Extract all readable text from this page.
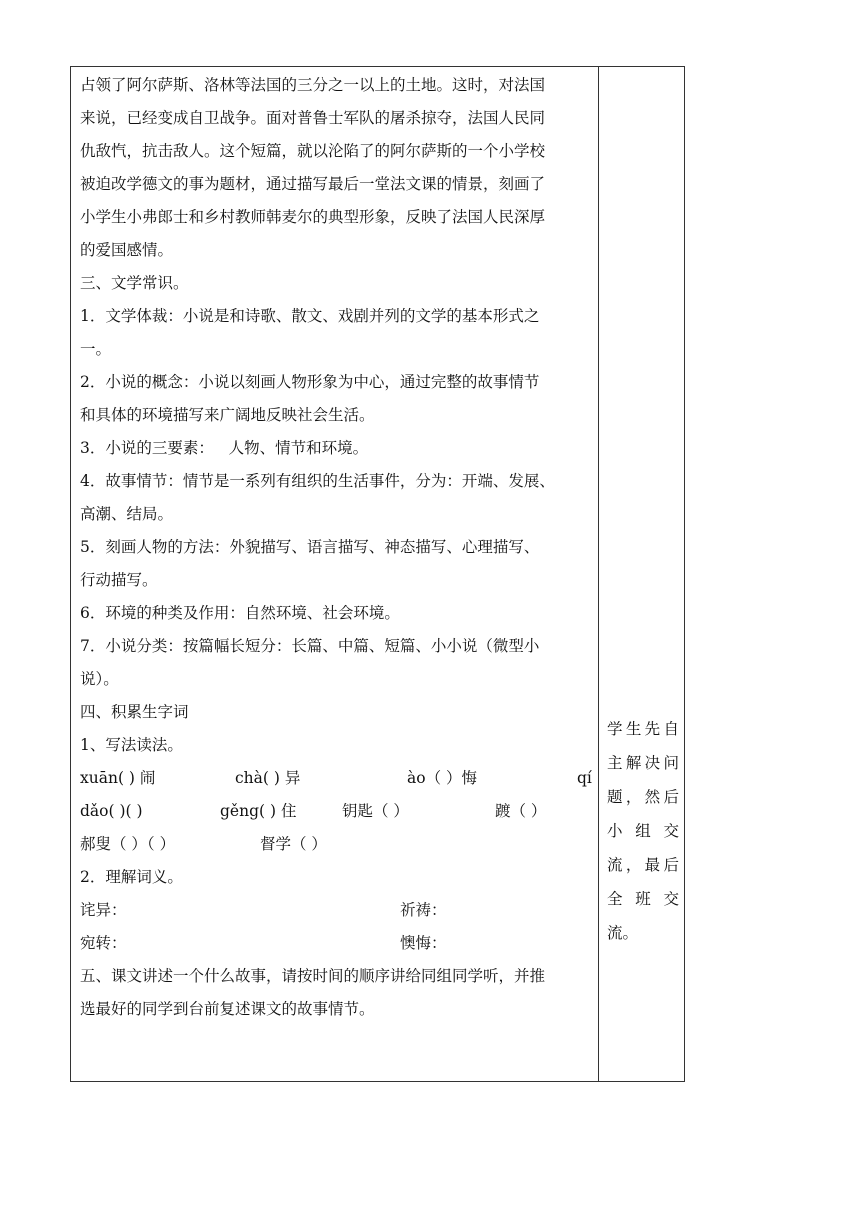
占领了阿尔萨斯、洛林等法国的三分之一以上的土地。这时，对法国

来说，已经变成自卫战争。面对普鲁士军队的屠杀掠夺，法国人民同

仇敌忾，抗击敌人。这个短篇，就以沦陷了的阿尔萨斯的一个小学校

被迫改学德文的事为题材，通过描写最后一堂法文课的情景，刻画了

小学生小弗郎士和乡村教师韩麦尔的典型形象，反映了法国人民深厚

的爱国感情。

三、文学常识。

1．文学体裁：小说是和诗歌、散文、戏剧并列的文学的基本形式之

一。

2．小说的概念：小说以刻画人物形象为中心，通过完整的故事情节

和具体的环境描写来广阔地反映社会生活。

3．小说的三要素：   人物、情节和环境。

4．故事情节：情节是一系列有组织的生活事件，分为：开端、发展、

高潮、结局。

5．刻画人物的方法：外貌描写、语言描写、神态描写、心理描写、

行动描写。

6．环境的种类及作用：自然环境、社会环境。

7．小说分类：按篇幅长短分：长篇、中篇、短篇、小小说（微型小

说）。

四、积累生字词

1、写法读法。

xuān( ) 闹	chà( ) 异	ào（ ）悔	qí
dǎo( )( )	gěng( ) 住	钥匙（ ）	踱（ ）
郝叟（ ）（ ）	督学（ ）

2．理解词义。

诧异：	祈祷：
宛转：	懊悔：

五、课文讲述一个什么故事，请按时间的顺序讲给同组同学听，并推

选最好的同学到台前复述课文的故事情节。

学生先自

主解决问

题，然后

小 组 交

流，最后

全 班 交

流。
